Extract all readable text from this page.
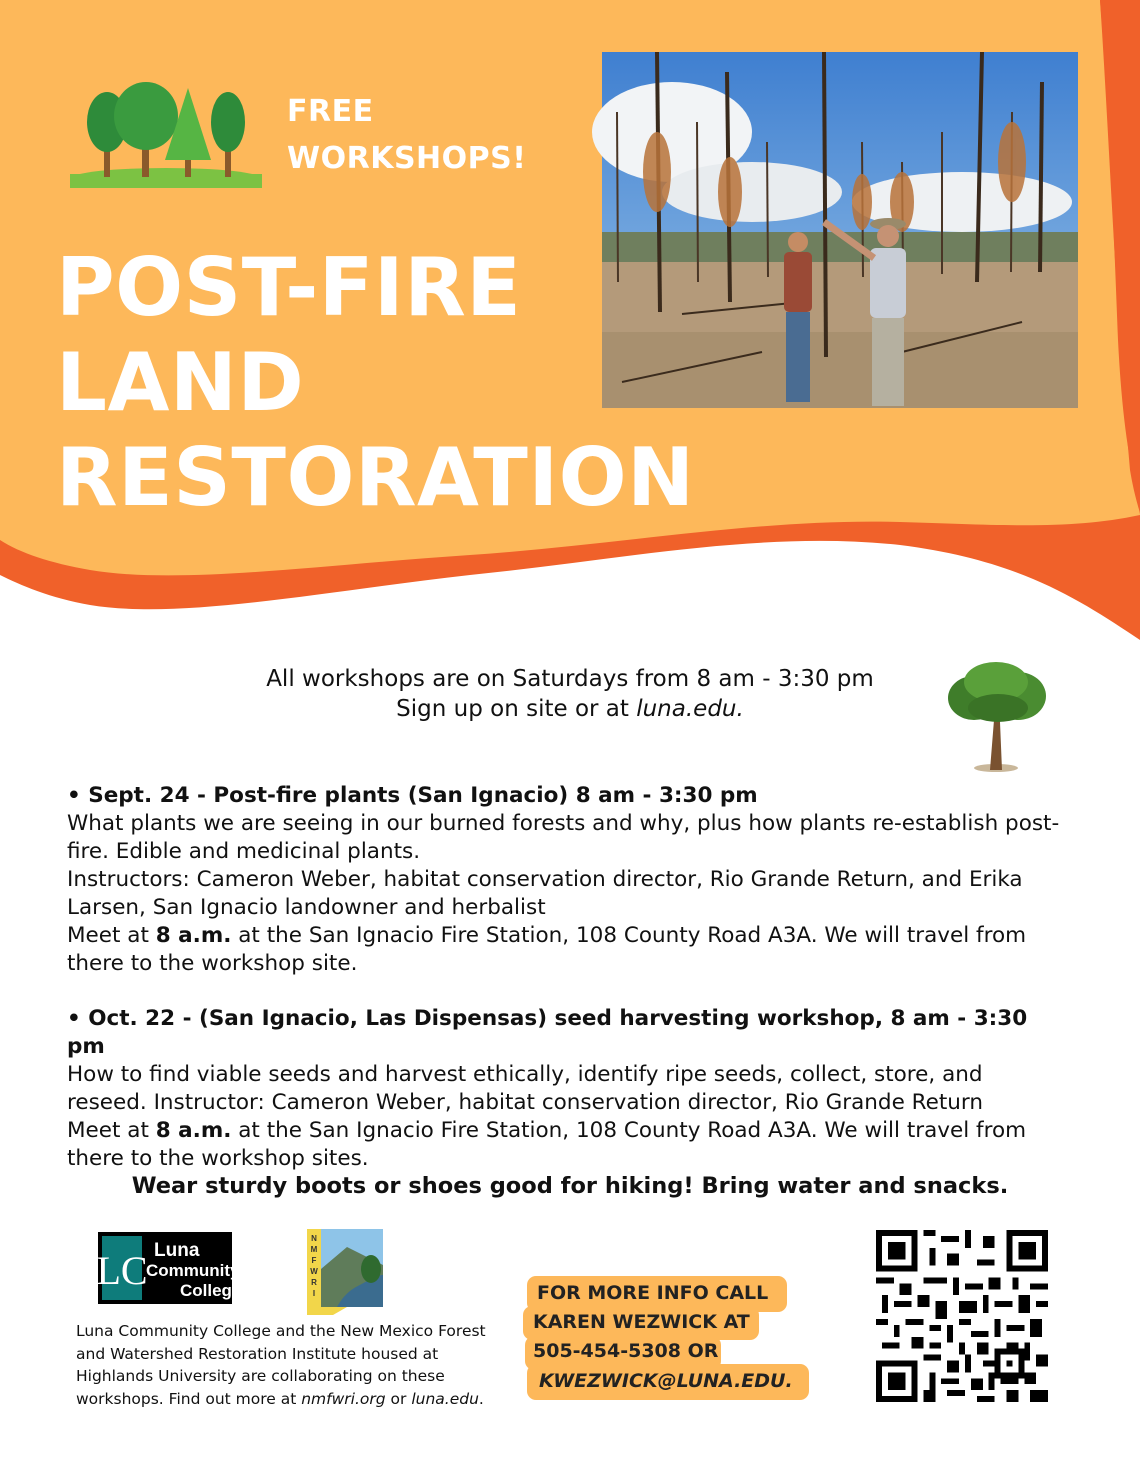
FREE
WORKSHOPS!
POST-FIRE
LAND
RESTORATION
All workshops are on Saturdays from 8 am - 3:30 pm
Sign up on site or at luna.edu.

• Sept. 24 - Post-fire plants (San Ignacio) 8 am - 3:30 pm

What plants we are seeing in our burned forests and why, plus how plants re-establish post-fire. Edible and medicinal plants.

Instructors: Cameron Weber, habitat conservation director, Rio Grande Return, and Erika Larsen, San Ignacio landowner and herbalist

Meet at 8 a.m. at the San Ignacio Fire Station, 108 County Road A3A. We will travel from there to the workshop site.

• Oct. 22 - (San Ignacio, Las Dispensas) seed harvesting workshop, 8 am - 3:30 pm

How to find viable seeds and harvest ethically, identify ripe seeds, collect, store, and reseed. Instructor: Cameron Weber, habitat conservation director, Rio Grande Return

Meet at 8 a.m. at the San Ignacio Fire Station, 108 County Road A3A. We will travel from there to the workshop sites.

Wear sturdy boots or shoes good for hiking! Bring water and snacks.
LC Luna
Community
College
N
M
F
W
R
I
Luna Community College and the New Mexico Forest and Watershed Restoration Institute housed at Highlands University are collaborating on these workshops. Find out more at nmfwri.org or luna.edu.
FOR MORE INFO CALL
KAREN WEZWICK AT
505-454-5308 OR
KWEZWICK@LUNA.EDU.
